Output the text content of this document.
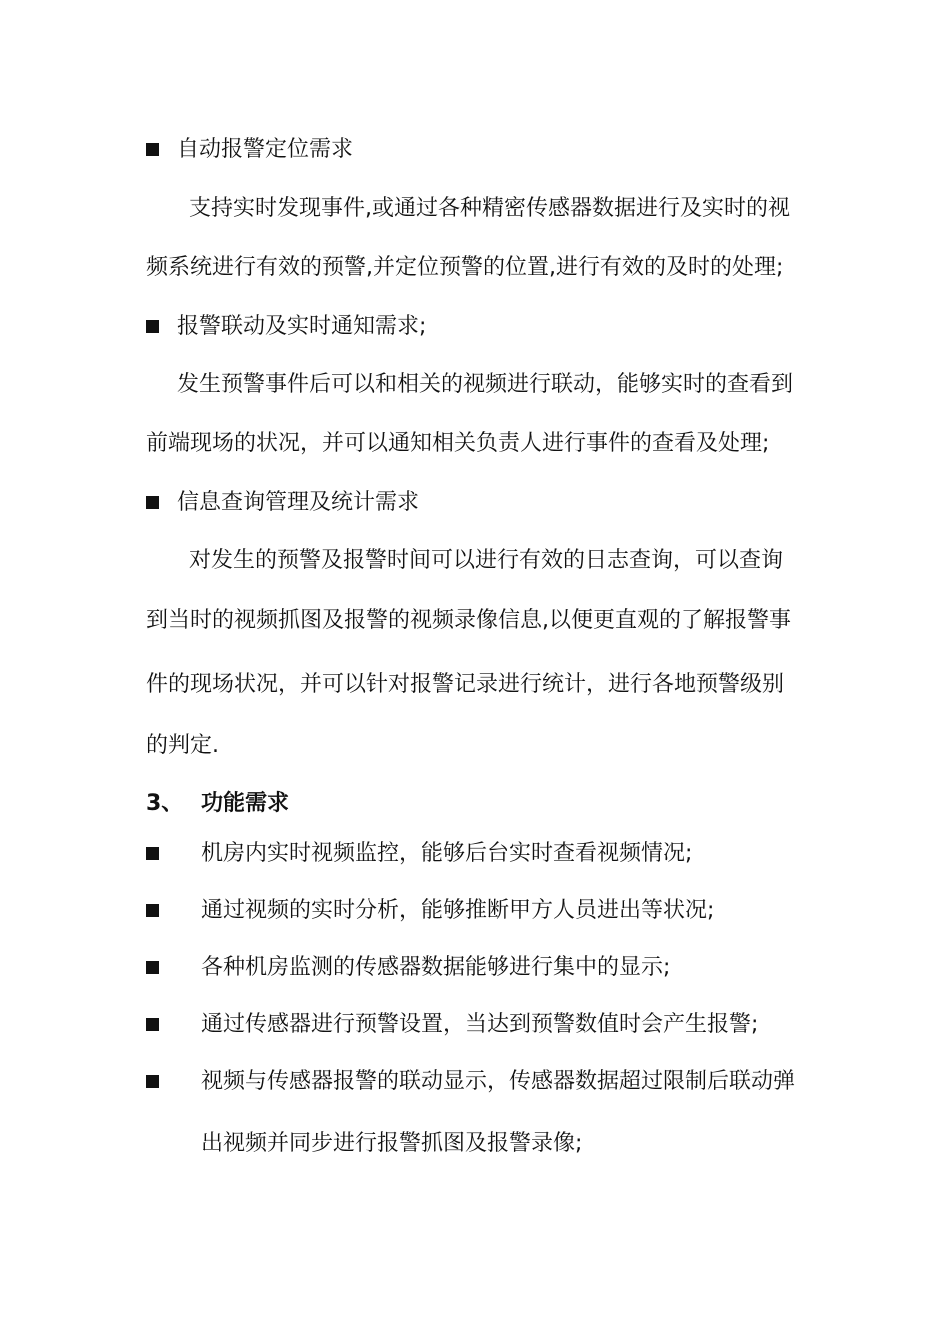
自动报警定位需求
支持实时发现事件,或通过各种精密传感器数据进行及实时的视
频系统进行有效的预警,并定位预警的位置,进行有效的及时的处理;
报警联动及实时通知需求;
发生预警事件后可以和相关的视频进行联动，能够实时的查看到
前端现场的状况，并可以通知相关负责人进行事件的查看及处理;
信息查询管理及统计需求
对发生的预警及报警时间可以进行有效的日志查询，可以查询
到当时的视频抓图及报警的视频录像信息,以便更直观的了解报警事
件的现场状况，并可以针对报警记录进行统计，进行各地预警级别
的判定.
3、 功能需求
机房内实时视频监控，能够后台实时查看视频情况;
通过视频的实时分析，能够推断甲方人员进出等状况;
各种机房监测的传感器数据能够进行集中的显示;
通过传感器进行预警设置，当达到预警数值时会产生报警;
视频与传感器报警的联动显示，传感器数据超过限制后联动弹
出视频并同步进行报警抓图及报警录像;
